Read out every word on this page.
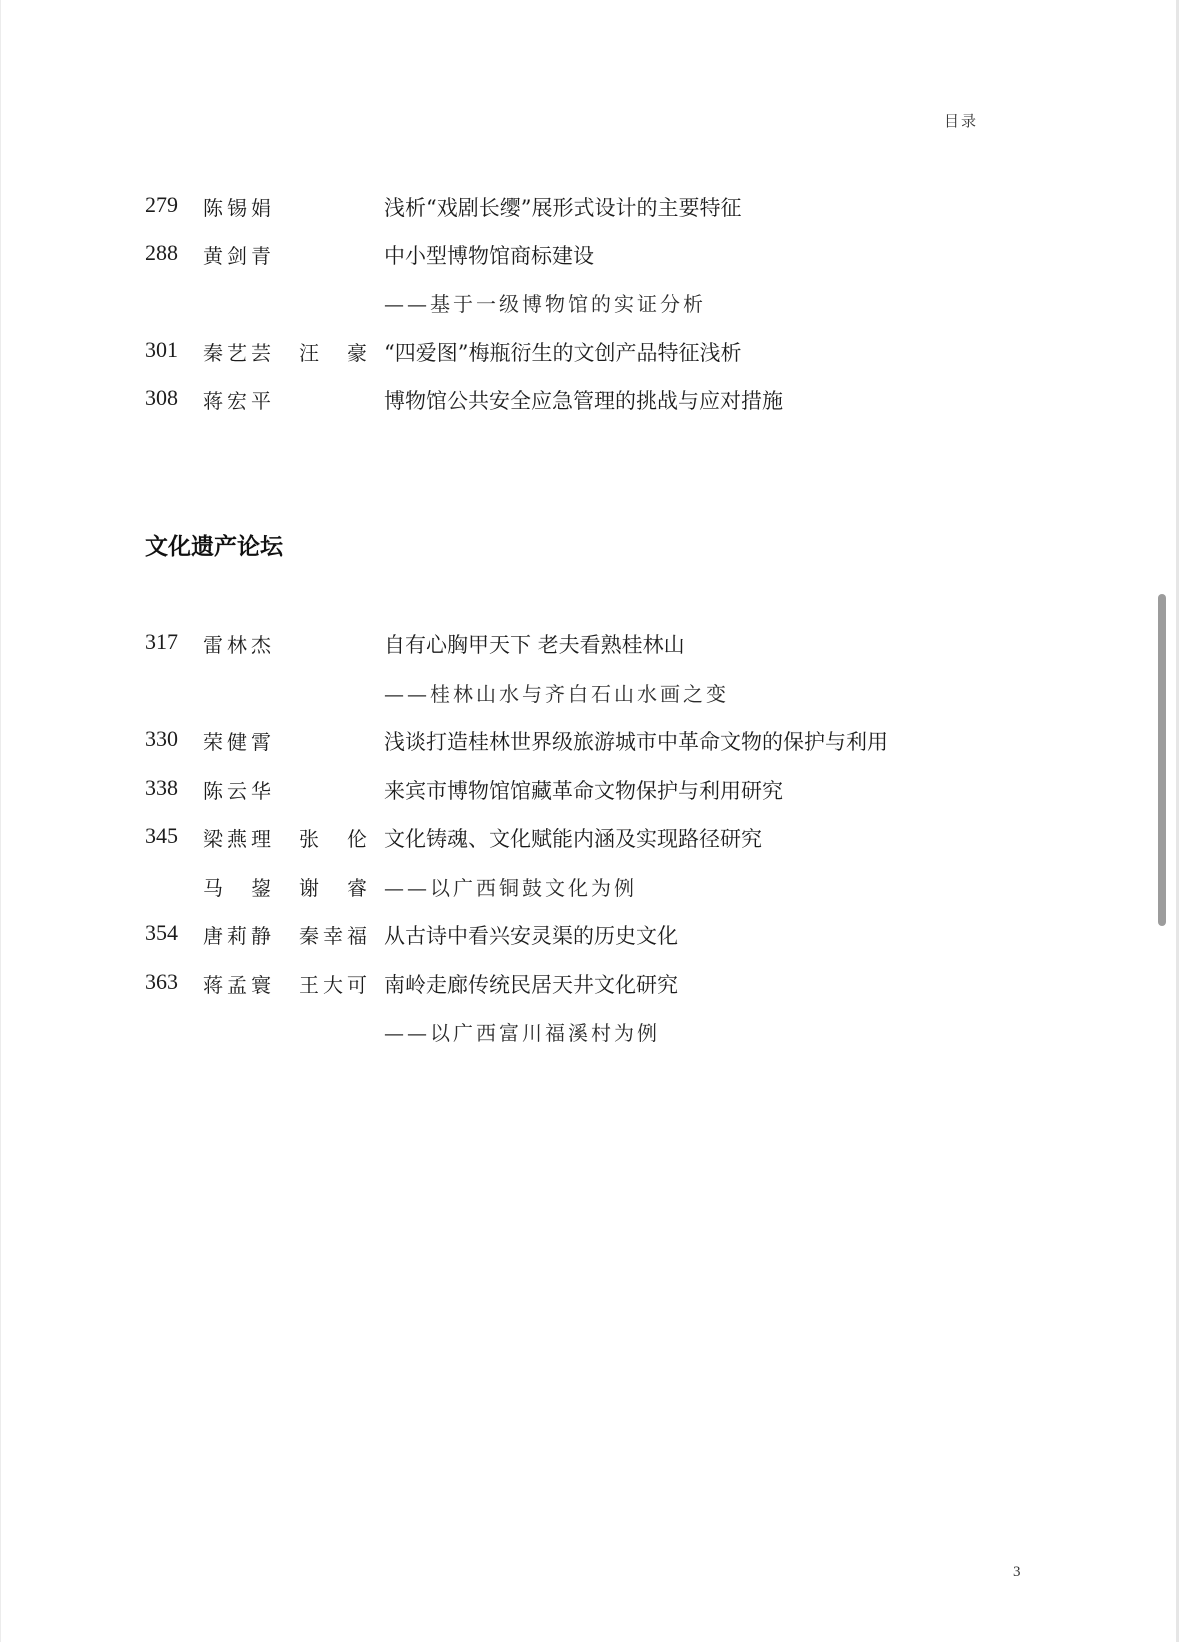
目录
279 陈锡娟	浅析“戏剧长缨”展形式设计的主要特征
288 黄剑青	中小型博物馆商标建设
——基于一级博物馆的实证分析
301 秦艺芸　汪　豪 “四爱图”梅瓶衍生的文创产品特征浅析
308 蒋宏平	博物馆公共安全应急管理的挑战与应对措施
文化遗产论坛
317 雷林杰	自有心胸甲天下 老夫看熟桂林山
——桂林山水与齐白石山水画之变
330 荣健霄	浅谈打造桂林世界级旅游城市中革命文物的保护与利用
338 陈云华	来宾市博物馆馆藏革命文物保护与利用研究
345 梁燕理　张　伦 文化铸魂、文化赋能内涵及实现路径研究
马　鋆　谢　睿 ——以广西铜鼓文化为例
354 唐莉静　秦幸福 从古诗中看兴安灵渠的历史文化
363 蒋孟寰　王大可 南岭走廊传统民居天井文化研究
——以广西富川福溪村为例
3
